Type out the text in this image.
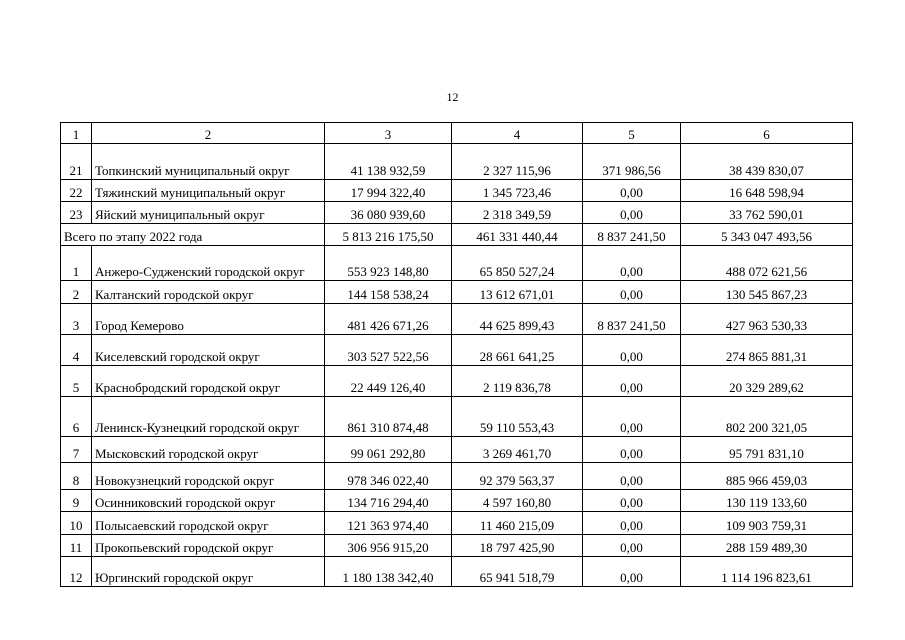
12
1	2	3	4	5	6
21	Топкинский муниципальный округ	41 138 932,59	2 327 115,96	371 986,56	38 439 830,07
22	Тяжинский муниципальный округ	17 994 322,40	1 345 723,46	0,00	16 648 598,94
23	Яйский муниципальный округ	36 080 939,60	2 318 349,59	0,00	33 762 590,01
Всего по этапу 2022 года		5 813 216 175,50	461 331 440,44	8 837 241,50	5 343 047 493,56
1	Анжеро-Судженский городской округ	553 923 148,80	65 850 527,24	0,00	488 072 621,56
2	Калтанский городской округ	144 158 538,24	13 612 671,01	0,00	130 545 867,23
3	Город Кемерово	481 426 671,26	44 625 899,43	8 837 241,50	427 963 530,33
4	Киселевский городской округ	303 527 522,56	28 661 641,25	0,00	274 865 881,31
5	Краснобродский городской округ	22 449 126,40	2 119 836,78	0,00	20 329 289,62
6	Ленинск-Кузнецкий городской округ	861 310 874,48	59 110 553,43	0,00	802 200 321,05
7	Мысковский городской округ	99 061 292,80	3 269 461,70	0,00	95 791 831,10
8	Новокузнецкий городской округ	978 346 022,40	92 379 563,37	0,00	885 966 459,03
9	Осинниковский городской округ	134 716 294,40	4 597 160,80	0,00	130 119 133,60
10	Полысаевский городской округ	121 363 974,40	11 460 215,09	0,00	109 903 759,31
11	Прокопьевский городской округ	306 956 915,20	18 797 425,90	0,00	288 159 489,30
12	Юргинский городской округ	1 180 138 342,40	65 941 518,79	0,00	1 114 196 823,61
